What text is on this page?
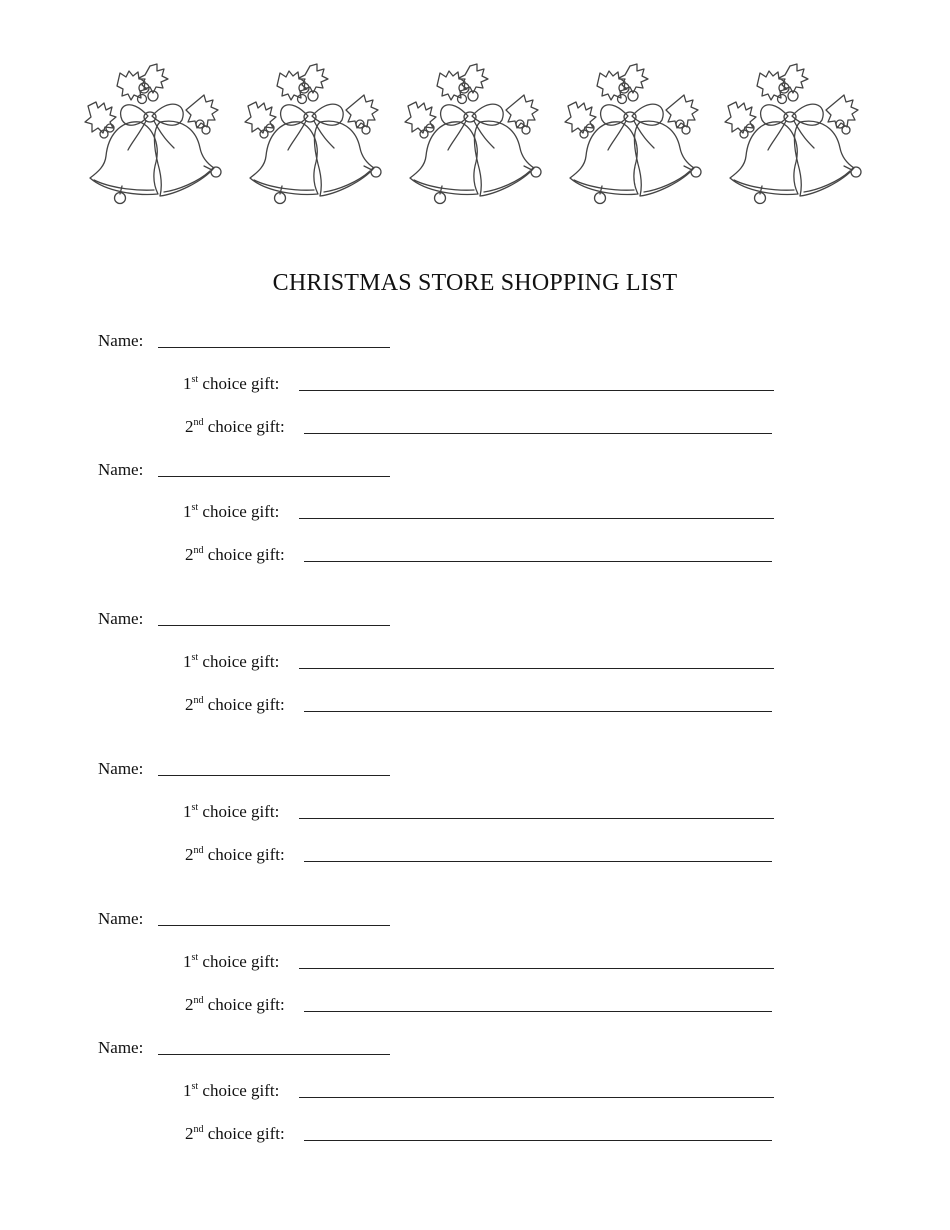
CHRISTMAS STORE SHOPPING LIST
Name:
1st choice gift:
2nd choice gift:
Name:
1st choice gift:
2nd choice gift:
Name:
1st choice gift:
2nd choice gift:
Name:
1st choice gift:
2nd choice gift:
Name:
1st choice gift:
2nd choice gift:
Name:
1st choice gift:
2nd choice gift:
